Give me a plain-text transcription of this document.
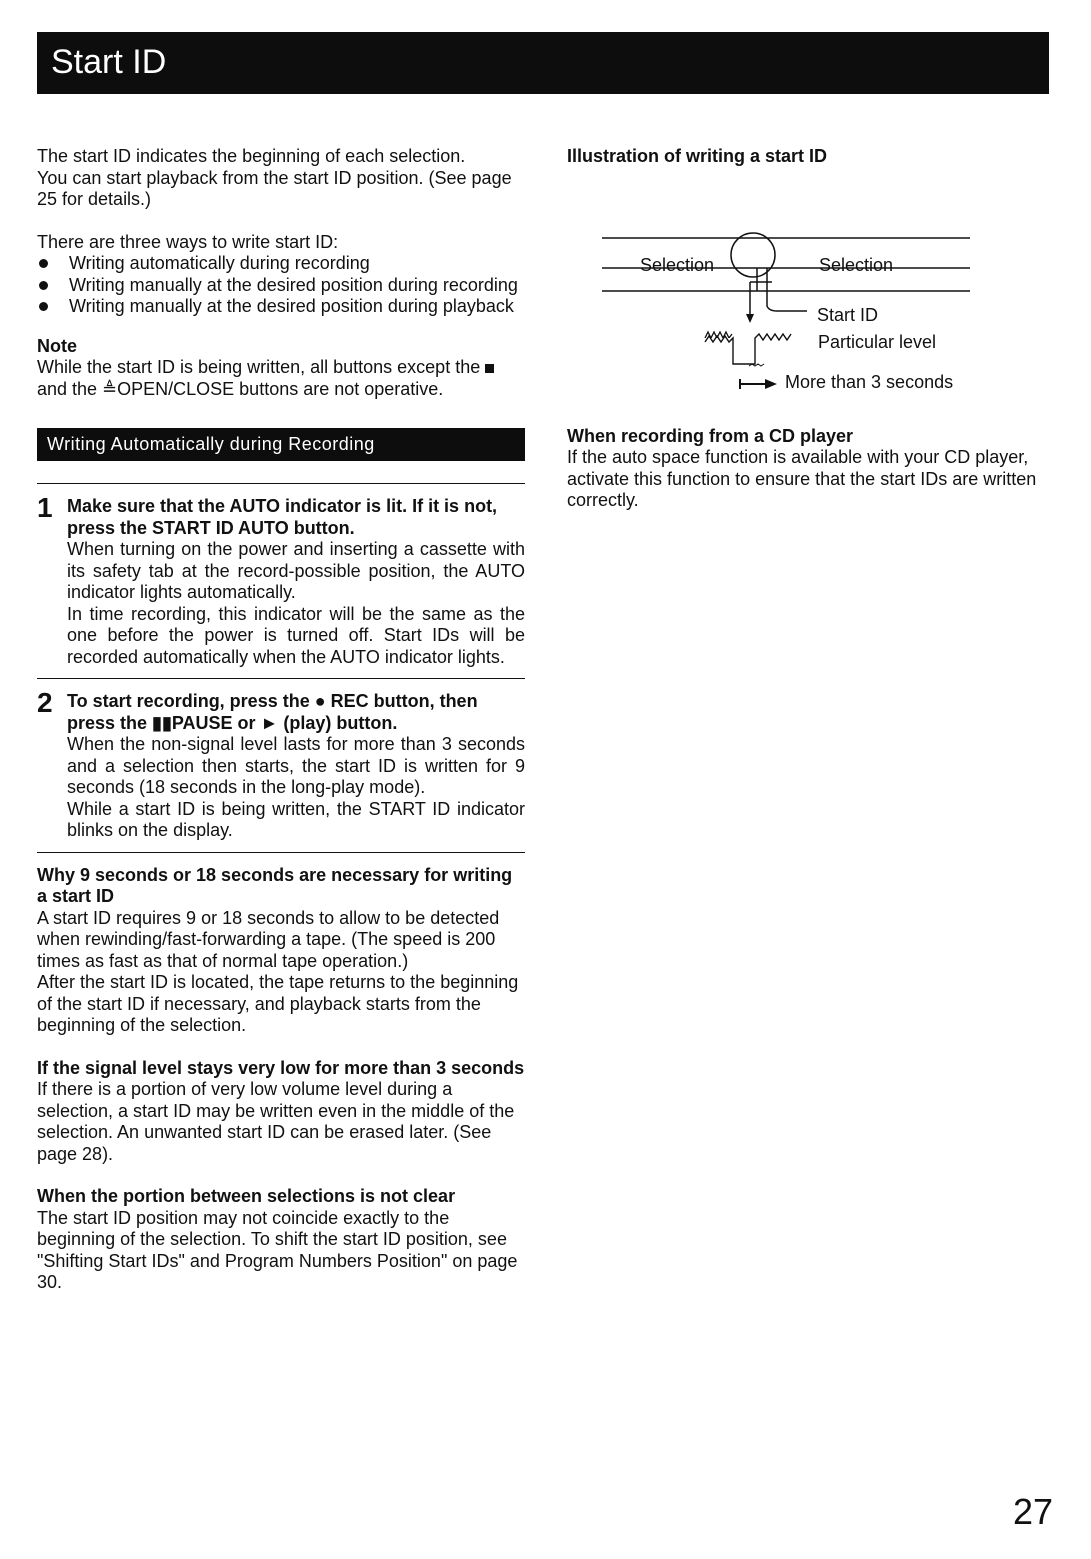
Start ID

The start ID indicates the beginning of each selection.

You can start playback from the start ID position. (See page 25 for details.)

There are three ways to write start ID:

Writing automatically during recording
Writing manually at the desired position during recording
Writing manually at the desired position during playback

Note

While the start ID is being written, all buttons except the  and the ≜OPEN/CLOSE buttons are not operative.

Writing Automatically during Recording
1 Make sure that the AUTO indicator is lit. If it is not, press the START ID AUTO button.

When turning on the power and inserting a cassette with its safety tab at the record-possible position, the AUTO indicator lights automatically.

In time recording, this indicator will be the same as the one before the power is turned off. Start IDs will be recorded automatically when the AUTO indicator lights.

2 To start recording, press the ● REC button, then press the ▮▮PAUSE or ► (play) button.

When the non-signal level lasts for more than 3 seconds and a selection then starts, the start ID is written for 9 seconds (18 seconds in the long-play mode).

While a start ID is being written, the START ID indicator blinks on the display.

Why 9 seconds or 18 seconds are necessary for writing a start ID

A start ID requires 9 or 18 seconds to allow to be detected when rewinding/fast-forwarding a tape. (The speed is 200 times as fast as that of normal tape operation.)

After the start ID is located, the tape returns to the beginning of the start ID if necessary, and playback starts from the beginning of the selection.

If the signal level stays very low for more than 3 seconds

If there is a portion of very low volume level during a selection, a start ID may be written even in the middle of the selection. An unwanted start ID can be erased later. (See page 28).

When the portion between selections is not clear

The start ID position may not coincide exactly to the beginning of the selection. To shift the start ID position, see "Shifting Start IDs" and Program Numbers Position" on page 30.

Illustration of writing a start ID

Selection	Selection
Start ID
Particular level
More than 3 seconds

When recording from a CD player

If the auto space function is available with your CD player, activate this function to ensure that the start IDs are written correctly.

27
